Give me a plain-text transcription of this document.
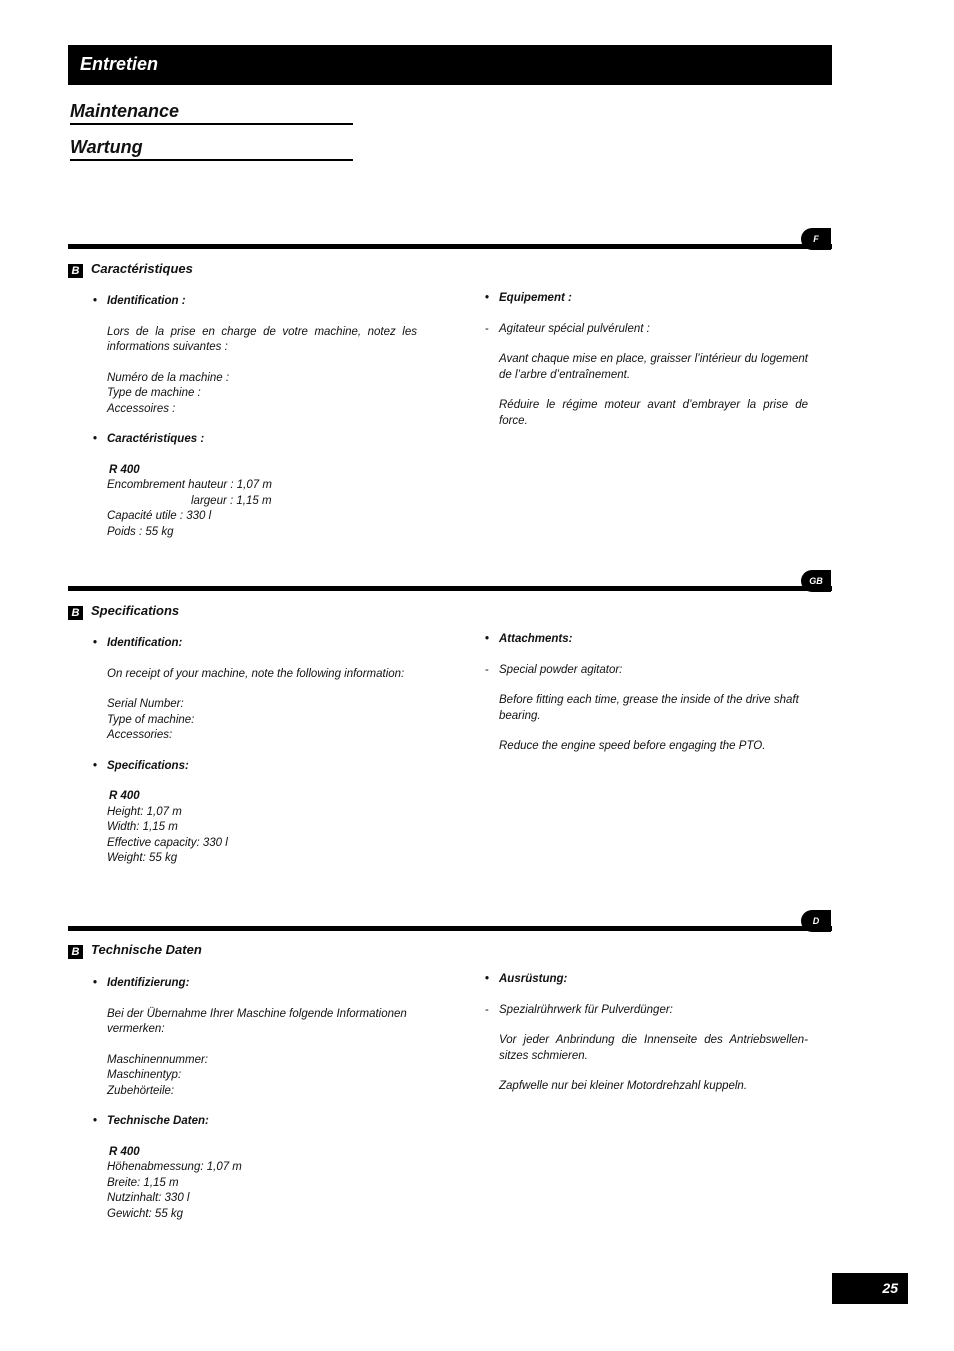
Entretien
Maintenance
Wartung
F
B Caractéristiques

• Identification :

Lors de la prise en charge de votre machine, notez les informations suivantes :

Numéro de la machine :

Type de machine :

Accessoires :

• Caractéristiques :

R 400

Encombrement hauteur : 1,07 m

largeur : 1,15 m

Capacité utile : 330 l

Poids : 55 kg

• Equipement :

- Agitateur spécial pulvérulent :

Avant chaque mise en place, graisser l’intérieur du logement de l’arbre d’entraînement.

Réduire le régime moteur avant d’embrayer la prise de force.

GB
B Specifications

• Identification:

On receipt of your machine, note the following information:

Serial Number:

Type of machine:

Accessories:

• Specifications:

R 400

Height: 1,07 m

Width: 1,15 m

Effective capacity: 330 l

Weight: 55 kg

• Attachments:

- Special powder agitator:

Before fitting each time, grease the inside of the drive shaft bearing.

Reduce the engine speed before engaging the PTO.

D
B Technische Daten

• Identifizierung:

Bei der Übernahme Ihrer Maschine folgende Informationen vermerken:

Maschinennummer:

Maschinentyp:

Zubehörteile:

• Technische Daten:

R 400

Höhenabmessung: 1,07 m

Breite: 1,15 m

Nutzinhalt: 330 l

Gewicht: 55 kg

• Ausrüstung:

- Spezialrührwerk für Pulverdünger:

Vor jeder Anbrindung die Innenseite des Antriebswellen-sitzes schmieren.

Zapfwelle nur bei kleiner Motordrehzahl kuppeln.

25
